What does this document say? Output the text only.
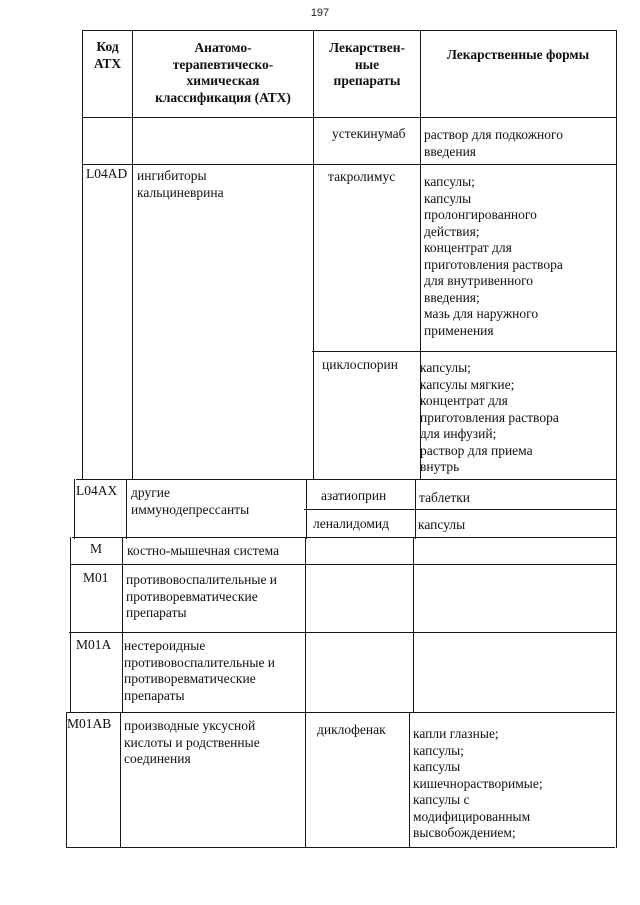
197
Код
АТХ
Анатомо-
терапевтическо-
химическая
классификация (АТХ)
Лекарствен-
ные
препараты
Лекарственные формы
устекинумаб раствор для подкожного
введения
L04AD ингибиторы
кальциневрина
такролимус капсулы;
капсулы
пролонгированного
действия;
концентрат для
приготовления раствора
для внутривенного
введения;
мазь для наружного
применения
циклоспорин капсулы;
капсулы мягкие;
концентрат для
приготовления раствора
для инфузий;
раствор для приема
внутрь
L04AX другие
иммунодепрессанты
азатиоприн таблетки
леналидомид капсулы
M костно-мышечная система
M01 противовоспалительные и
противоревматические
препараты
M01A нестероидные
противовоспалительные и
противоревматические
препараты
M01AB производные уксусной
кислоты и родственные
соединения
диклофенак капли глазные;
капсулы;
капсулы
кишечнорастворимые;
капсулы с
модифицированным
высвобождением;
